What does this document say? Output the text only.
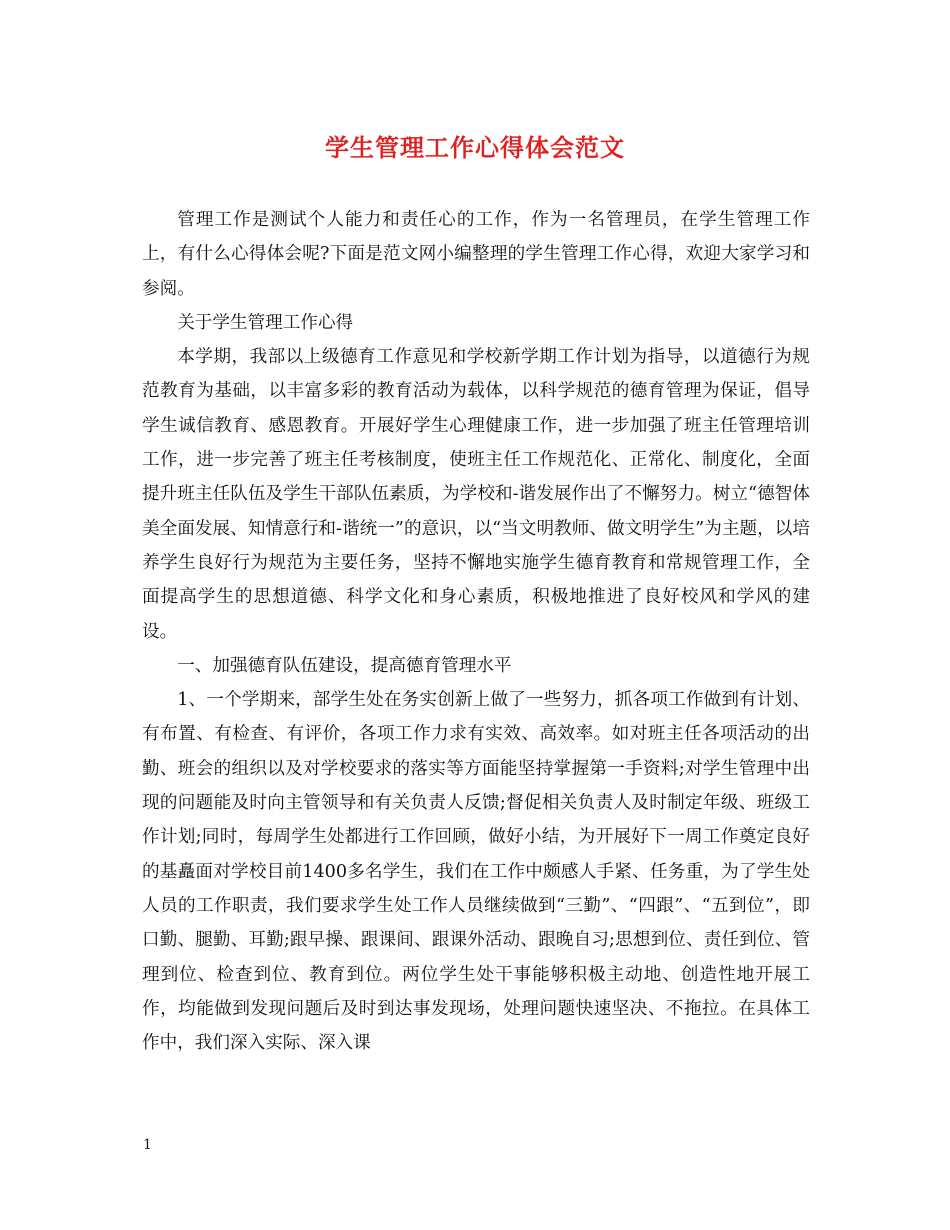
学生管理工作心得体会范文

管理工作是测试个人能力和责任心的工作，作为一名管理员，在学生管理工作上，有什么心得体会呢?下面是范文网小编整理的学生管理工作心得，欢迎大家学习和参阅。

关于学生管理工作心得

本学期，我部以上级德育工作意见和学校新学期工作计划为指导，以道德行为规范教育为基础，以丰富多彩的教育活动为载体，以科学规范的德育管理为保证，倡导学生诚信教育、感恩教育。开展好学生心理健康工作，进一步加强了班主任管理培训工作，进一步完善了班主任考核制度，使班主任工作规范化、正常化、制度化，全面提升班主任队伍及学生干部队伍素质，为学校和-谐发展作出了不懈努力。树立“德智体美全面发展、知情意行和-谐统一”的意识，以“当文明教师、做文明学生”为主题，以培养学生良好行为规范为主要任务，坚持不懈地实施学生德育教育和常规管理工作，全面提高学生的思想道德、科学文化和身心素质，积极地推进了良好校风和学风的建设。

一、加强德育队伍建设，提高德育管理水平

1、一个学期来，部学生处在务实创新上做了一些努力，抓各项工作做到有计划、有布置、有检查、有评价，各项工作力求有实效、高效率。如对班主任各项活动的出勤、班会的组织以及对学校要求的落实等方面能坚持掌握第一手资料;对学生管理中出现的问题能及时向主管领导和有关负责人反馈;督促相关负责人及时制定年级、班级工作计划;同时，每周学生处都进行工作回顾，做好小结，为开展好下一周工作奠定良好的基矗面对学校目前1400多名学生，我们在工作中颇感人手紧、任务重，为了学生处人员的工作职责，我们要求学生处工作人员继续做到“三勤”、“四跟”、“五到位”，即口勤、腿勤、耳勤;跟早操、跟课间、跟课外活动、跟晚自习;思想到位、责任到位、管理到位、检查到位、教育到位。两位学生处干事能够积极主动地、创造性地开展工作，均能做到发现问题后及时到达事发现场，处理问题快速坚决、不拖拉。在具体工作中，我们深入实际、深入课

1
